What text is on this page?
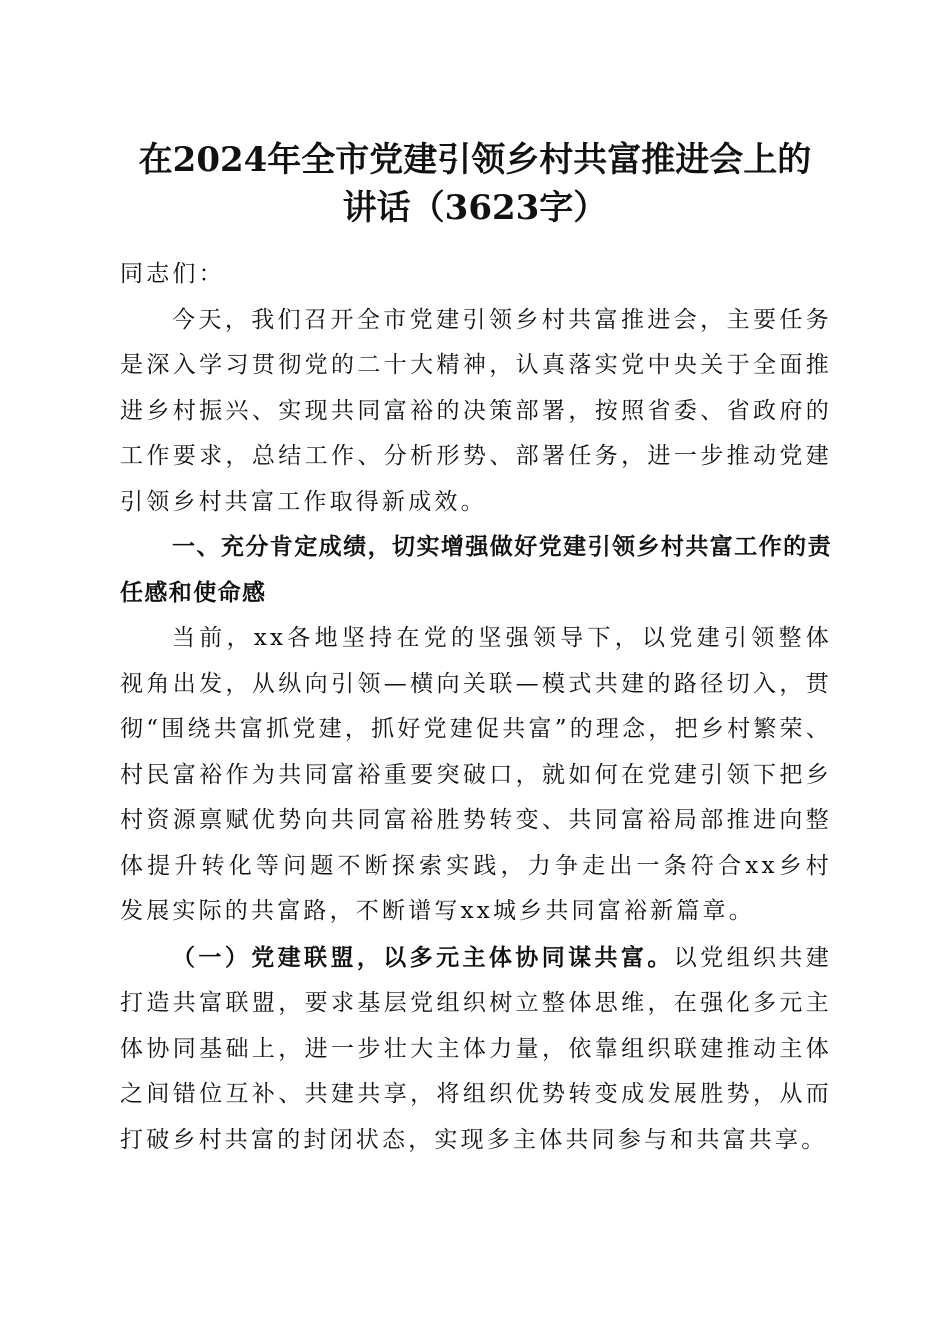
在2024年全市党建引领乡村共富推进会上的
讲话（3623字）

同志们：

今天，我们召开全市党建引领乡村共富推进会，主要任务是深入学习贯彻党的二十大精神，认真落实党中央关于全面推进乡村振兴、实现共同富裕的决策部署，按照省委、省政府的工作要求，总结工作、分析形势、部署任务，进一步推动党建引领乡村共富工作取得新成效。

一、充分肯定成绩，切实增强做好党建引领乡村共富工作的责任感和使命感

当前，xx各地坚持在党的坚强领导下，以党建引领整体视角出发，从纵向引领—横向关联—模式共建的路径切入，贯彻“围绕共富抓党建，抓好党建促共富”的理念，把乡村繁荣、村民富裕作为共同富裕重要突破口，就如何在党建引领下把乡村资源禀赋优势向共同富裕胜势转变、共同富裕局部推进向整体提升转化等问题不断探索实践，力争走出一条符合xx乡村发展实际的共富路，不断谱写xx城乡共同富裕新篇章。

（一）党建联盟，以多元主体协同谋共富。以党组织共建打造共富联盟，要求基层党组织树立整体思维，在强化多元主体协同基础上，进一步壮大主体力量，依靠组织联建推动主体之间错位互补、共建共享，将组织优势转变成发展胜势，从而打破乡村共富的封闭状态，实现多主体共同参与和共富共享。
